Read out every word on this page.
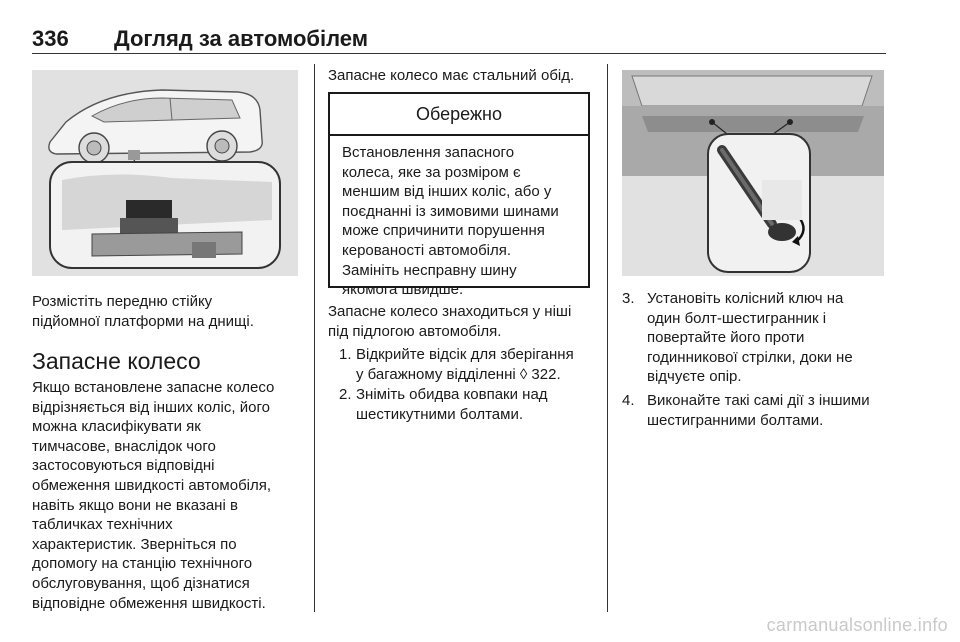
336 Догляд за автомобілем
Розмістіть передню стійку
підйомної платформи на днищі.
Запасне колесо
Якщо встановлене запасне колесо
відрізняється від інших коліс, його
можна класифікувати як
тимчасове, внаслідок чого
застосовуються відповідні
обмеження швидкості автомобіля,
навіть якщо вони не вказані в
табличках технічних
характеристик. Зверніться по
допомогу на станцію технічного
обслуговування, щоб дізнатися
відповідне обмеження швидкості.
Запасне колесо має стальний обід.
Обережно
Встановлення запасного
колеса, яке за розміром є
меншим від інших коліс, або у
поєднанні із зимовими шинами
може спричинити порушення
керованості автомобіля.
Замініть несправну шину
якомога швидше.
Запасне колесо знаходиться у ніші
під підлогою автомобіля.
1. Відкрийте відсік для зберігання
у багажному відділенні ◊ 322.
2. Зніміть обидва ковпаки над
шестикутними болтами.
3. Установіть колісний ключ на
один болт-шестигранник і
повертайте його проти
годинникової стрілки, доки не
відчуєте опір.
4. Виконайте такі самі дії з іншими
шестигранними болтами.
carmanualsonline.info
